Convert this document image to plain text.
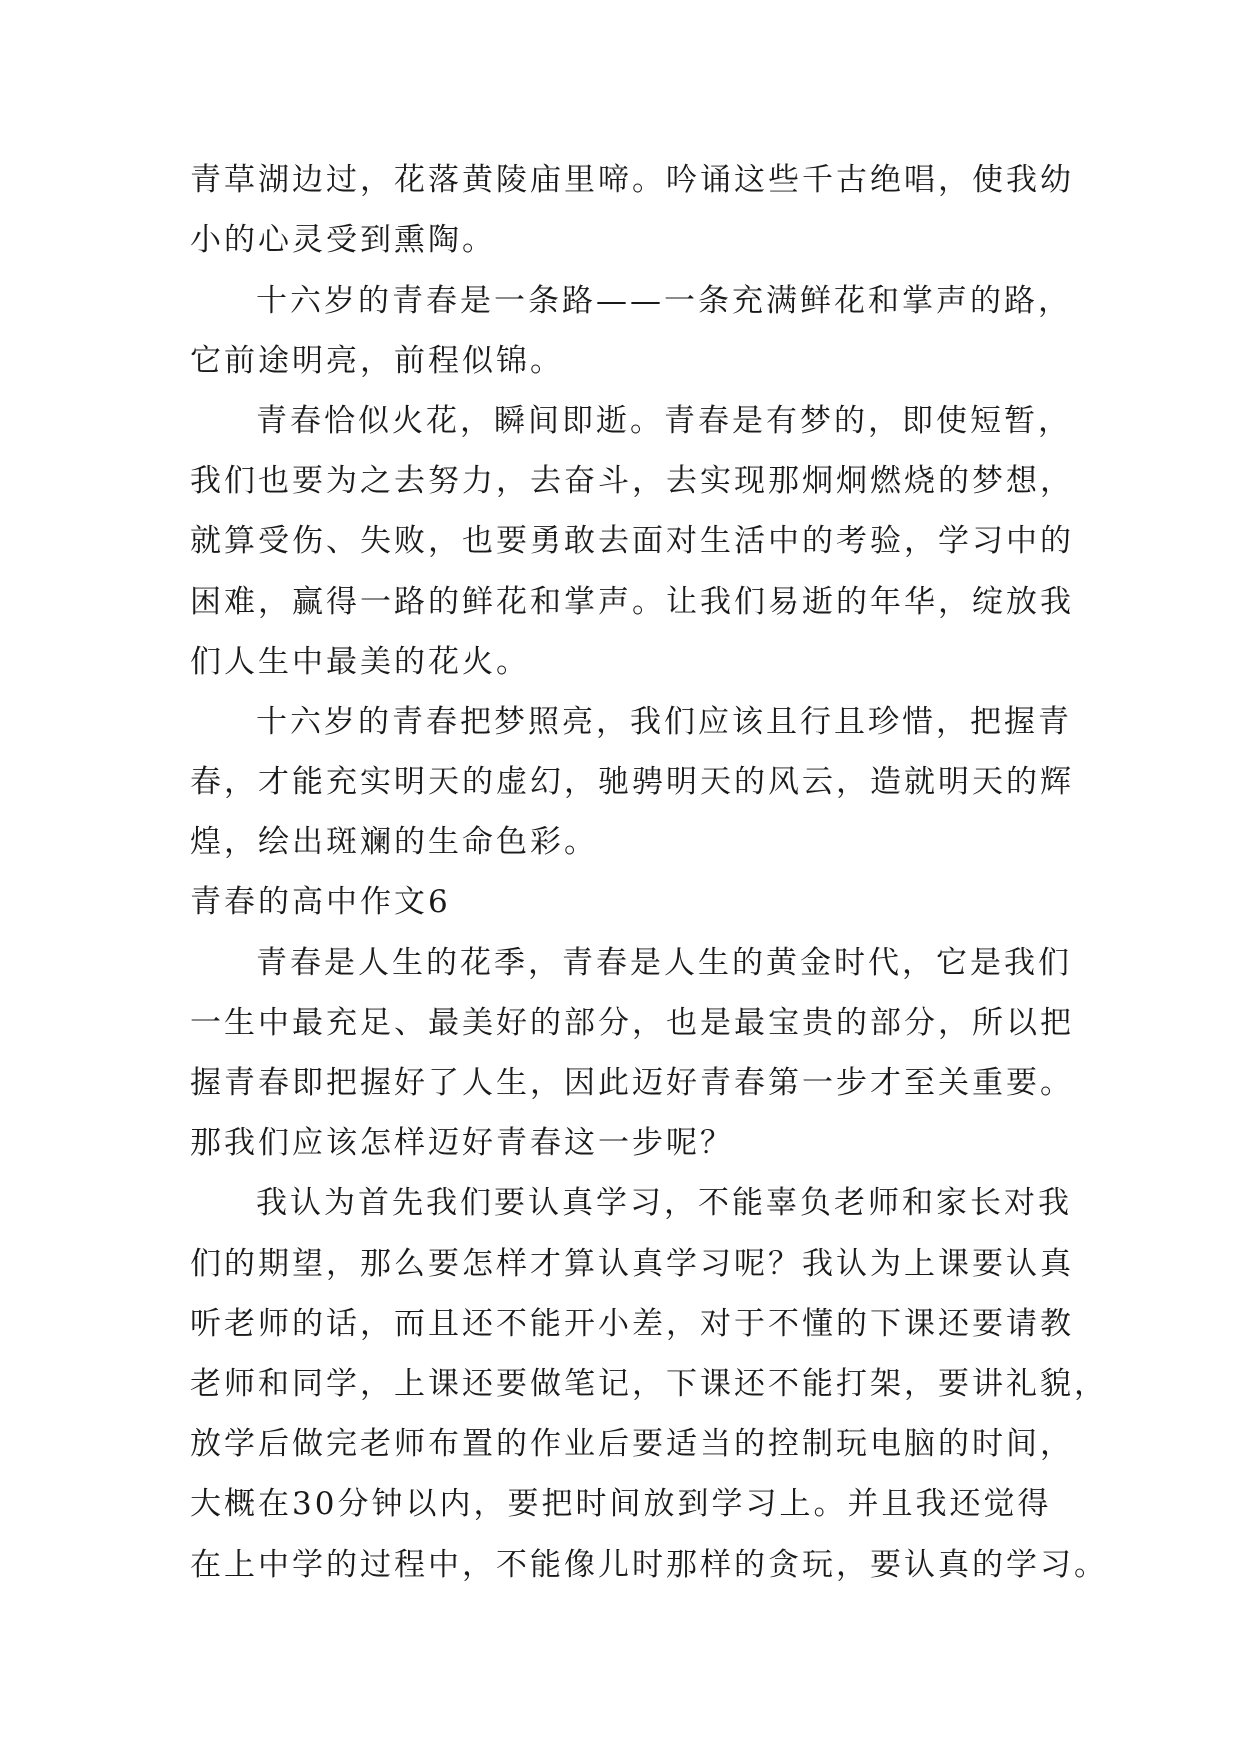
青草湖边过，花落黄陵庙里啼。吟诵这些千古绝唱，使我幼
小的心灵受到熏陶。
十六岁的青春是一条路——一条充满鲜花和掌声的路，
它前途明亮，前程似锦。
青春恰似火花，瞬间即逝。青春是有梦的，即使短暂，
我们也要为之去努力，去奋斗，去实现那炯炯燃烧的梦想，
就算受伤、失败，也要勇敢去面对生活中的考验，学习中的
困难，赢得一路的鲜花和掌声。让我们易逝的年华，绽放我
们人生中最美的花火。
十六岁的青春把梦照亮，我们应该且行且珍惜，把握青
春，才能充实明天的虚幻，驰骋明天的风云，造就明天的辉
煌，绘出斑斓的生命色彩。
青春的高中作文6
青春是人生的花季，青春是人生的黄金时代，它是我们
一生中最充足、最美好的部分，也是最宝贵的部分，所以把
握青春即把握好了人生，因此迈好青春第一步才至关重要。
那我们应该怎样迈好青春这一步呢？
我认为首先我们要认真学习，不能辜负老师和家长对我
们的期望，那么要怎样才算认真学习呢？我认为上课要认真
听老师的话，而且还不能开小差，对于不懂的下课还要请教
老师和同学，上课还要做笔记，下课还不能打架，要讲礼貌，
放学后做完老师布置的作业后要适当的控制玩电脑的时间，
大概在30分钟以内，要把时间放到学习上。并且我还觉得
在上中学的过程中，不能像儿时那样的贪玩，要认真的学习。
